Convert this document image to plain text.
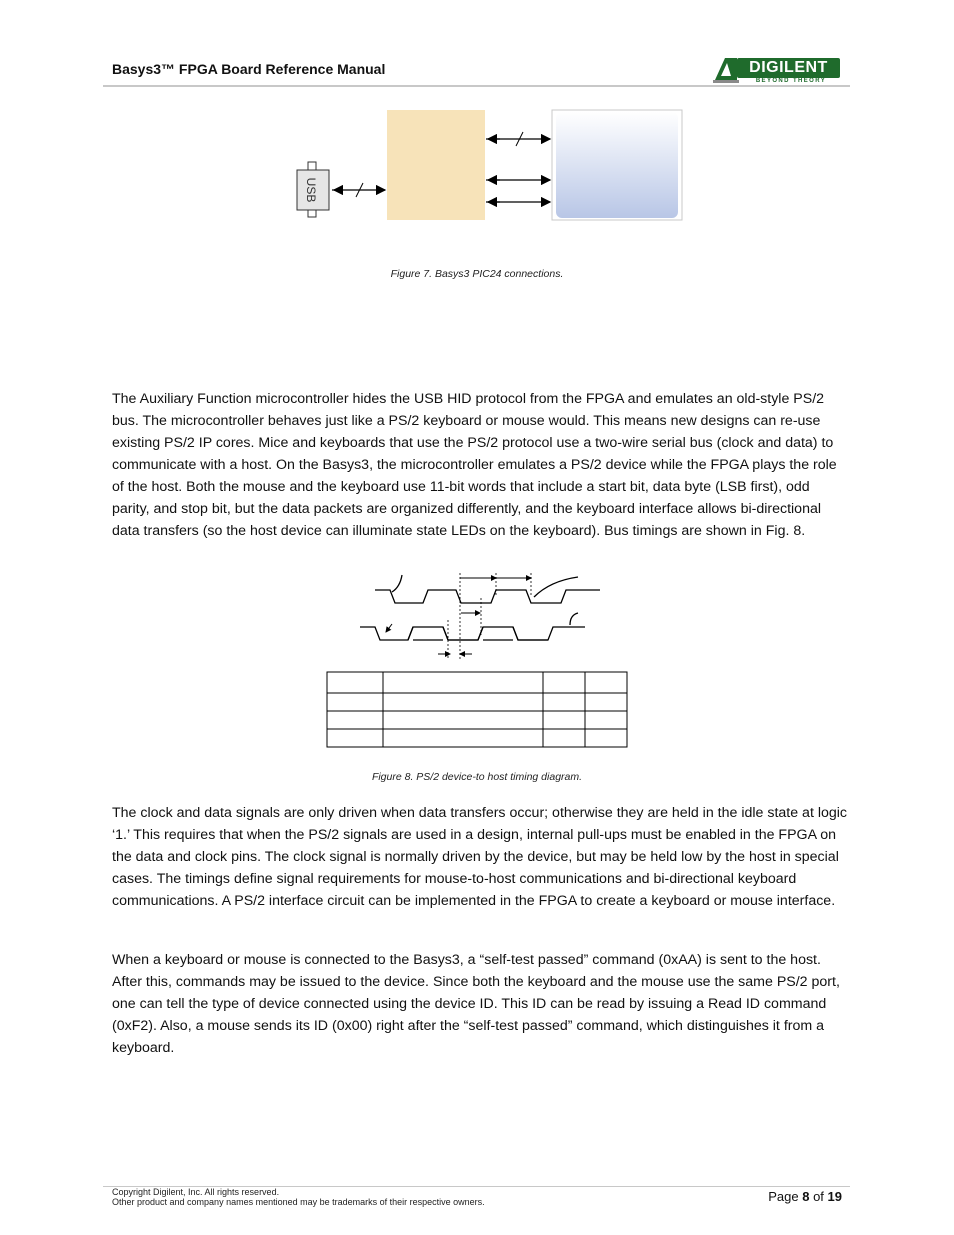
Basys3™ FPGA Board Reference Manual	DIGILENT
BEYOND THEORY
USB
Figure 7. Basys3 PIC24 connections.

The Auxiliary Function microcontroller hides the USB HID protocol from the FPGA and emulates an old-style PS/2 bus. The microcontroller behaves just like a PS/2 keyboard or mouse would. This means new designs can re-use existing PS/2 IP cores. Mice and keyboards that use the PS/2 protocol use a two-wire serial bus (clock and data) to communicate with a host. On the Basys3, the microcontroller emulates a PS/2 device while the FPGA plays the role of the host. Both the mouse and the keyboard use 11-bit words that include a start bit, data byte (LSB first), odd parity, and stop bit, but the data packets are organized differently, and the keyboard interface allows bi-directional data transfers (so the host device can illuminate state LEDs on the keyboard). Bus timings are shown in Fig. 8.

Figure 8. PS/2 device-to host timing diagram.

The clock and data signals are only driven when data transfers occur; otherwise they are held in the idle state at logic ‘1.’ This requires that when the PS/2 signals are used in a design, internal pull-ups must be enabled in the FPGA on the data and clock pins. The clock signal is normally driven by the device, but may be held low by the host in special cases. The timings define signal requirements for mouse-to-host communications and bi-directional keyboard communications. A PS/2 interface circuit can be implemented in the FPGA to create a keyboard or mouse interface.

When a keyboard or mouse is connected to the Basys3, a “self-test passed” command (0xAA) is sent to the host. After this, commands may be issued to the device. Since both the keyboard and the mouse use the same PS/2 port, one can tell the type of device connected using the device ID. This ID can be read by issuing a Read ID command (0xF2). Also, a mouse sends its ID (0x00) right after the “self-test passed” command, which distinguishes it from a keyboard.

Copyright Digilent, Inc. All rights reserved.
Other product and company names mentioned may be trademarks of their respective owners.	Page 8 of 19
